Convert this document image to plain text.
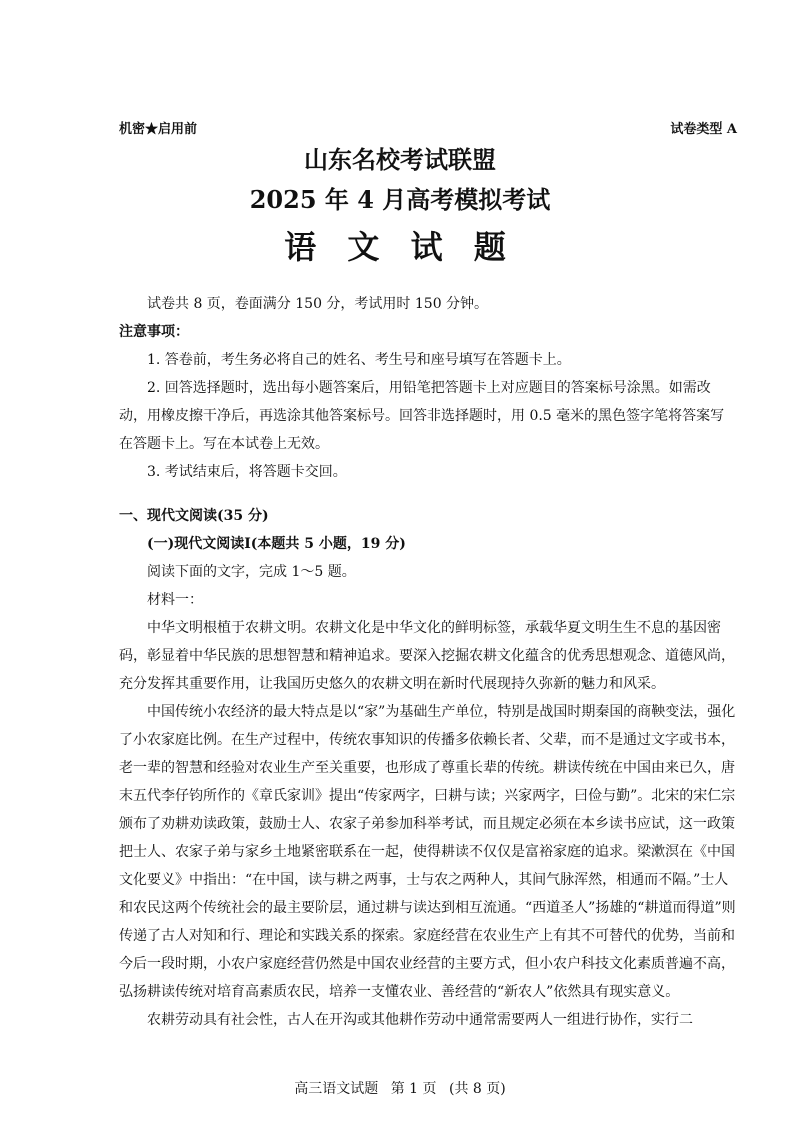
机密★启用前	试卷类型 A
山东名校考试联盟
2025 年 4 月高考模拟考试
语 文 试 题

试卷共 8 页，卷面满分 150 分，考试用时 150 分钟。

注意事项：

1. 答卷前，考生务必将自己的姓名、考生号和座号填写在答题卡上。

2. 回答选择题时，选出每小题答案后，用铅笔把答题卡上对应题目的答案标号涂黑。如需改动，用橡皮擦干净后，再选涂其他答案标号。回答非选择题时，用 0.5 毫米的黑色签字笔将答案写在答题卡上。写在本试卷上无效。

3. 考试结束后，将答题卡交回。

一、现代文阅读(35 分)

(一)现代文阅读Ⅰ(本题共 5 小题，19 分)

阅读下面的文字，完成 1～5 题。

材料一：

中华文明根植于农耕文明。农耕文化是中华文化的鲜明标签，承载华夏文明生生不息的基因密码，彰显着中华民族的思想智慧和精神追求。要深入挖掘农耕文化蕴含的优秀思想观念、道德风尚，充分发挥其重要作用，让我国历史悠久的农耕文明在新时代展现持久弥新的魅力和风采。

中国传统小农经济的最大特点是以“家”为基础生产单位，特别是战国时期秦国的商鞅变法，强化了小农家庭比例。在生产过程中，传统农事知识的传播多依赖长者、父辈，而不是通过文字或书本，老一辈的智慧和经验对农业生产至关重要，也形成了尊重长辈的传统。耕读传统在中国由来已久，唐末五代李仔钧所作的《章氏家训》提出“传家两字，曰耕与读；兴家两字，曰俭与勤”。北宋的宋仁宗颁布了劝耕劝读政策，鼓励士人、农家子弟参加科举考试，而且规定必须在本乡读书应试，这一政策把士人、农家子弟与家乡土地紧密联系在一起，使得耕读不仅仅是富裕家庭的追求。梁漱溟在《中国文化要义》中指出：“在中国，读与耕之两事，士与农之两种人，其间气脉浑然，相通而不隔。”士人和农民这两个传统社会的最主要阶层，通过耕与读达到相互流通。“西道圣人”扬雄的“耕道而得道”则传递了古人对知和行、理论和实践关系的探索。家庭经营在农业生产上有其不可替代的优势，当前和今后一段时期，小农户家庭经营仍然是中国农业经营的主要方式，但小农户科技文化素质普遍不高，弘扬耕读传统对培育高素质农民，培养一支懂农业、善经营的“新农人”依然具有现实意义。

农耕劳动具有社会性，古人在开沟或其他耕作劳动中通常需要两人一组进行协作，实行二

高三语文试题 第 1 页 (共 8 页)
